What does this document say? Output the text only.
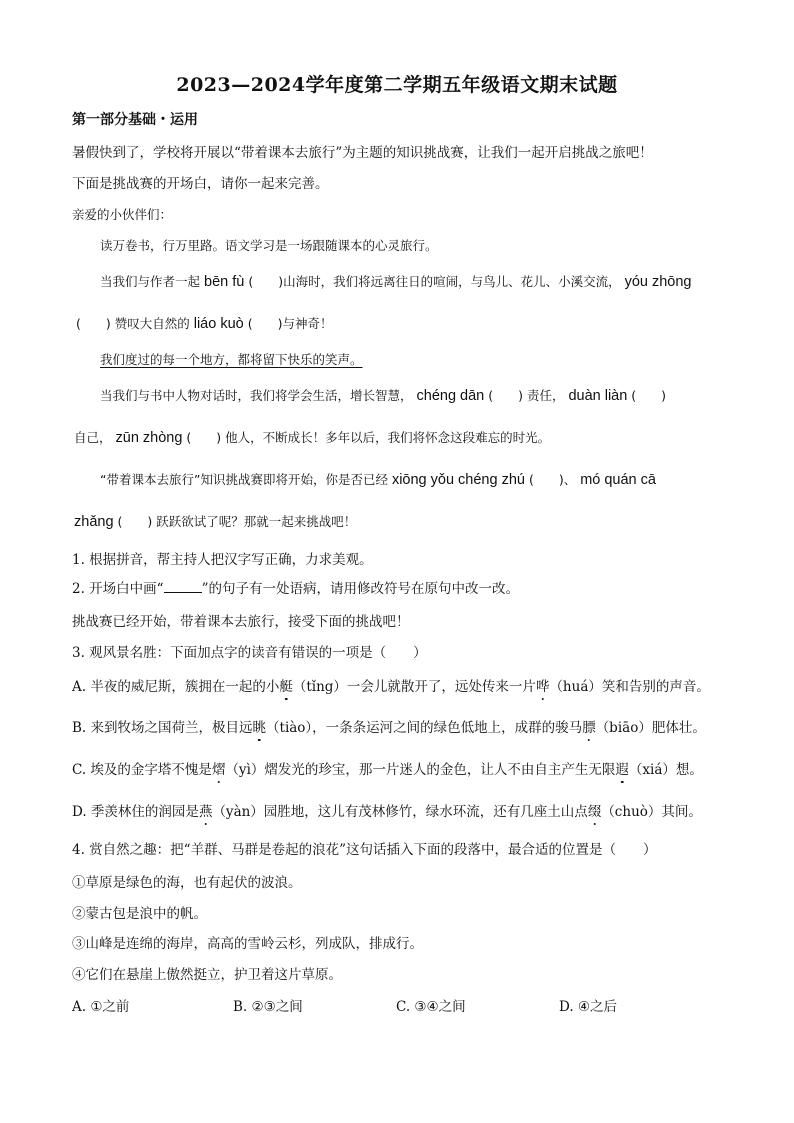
2023—2024学年度第二学期五年级语文期末试题
第一部分基础・运用
暑假快到了，学校将开展以“带着课本去旅行”为主题的知识挑战赛，让我们一起开启挑战之旅吧！
下面是挑战赛的开场白，请你一起来完善。
亲爱的小伙伴们：
读万卷书，行万里路。语文学习是一场跟随课本的心灵旅行。
当我们与作者一起 bēn fù (　　)山海时，我们将远离往日的喧闹，与鸟儿、花儿、小溪交流， yóu zhōng
(　　) 赞叹大自然的 liáo kuò (　　)与神奇！
我们度过的每一个地方，都将留下快乐的笑声。
当我们与书中人物对话时，我们将学会生活，增长智慧， chéng dān (　　) 责任， duàn liàn (　　)
自己， zūn zhòng (　　) 他人，不断成长！多年以后，我们将怀念这段难忘的时光。
“带着课本去旅行”知识挑战赛即将开始，你是否已经 xiōng yǒu chéng zhú (　　)、 mó quán cā
zhǎng (　　) 跃跃欲试了呢？那就一起来挑战吧！
1. 根据拼音，帮主持人把汉字写正确，力求美观。
2. 开场白中画“	”的句子有一处语病，请用修改符号在原句中改一改。
挑战赛已经开始，带着课本去旅行，接受下面的挑战吧！
3. 观风景名胜：下面加点字的读音有错误的一项是（　　）
A. 半夜的威尼斯，簇拥在一起的小艇（tǐng）一会儿就散开了，远处传来一片哗（huá）笑和告别的声音。
B. 来到牧场之国荷兰，极目远眺（tiào），一条条运河之间的绿色低地上，成群的骏马膘（biāo）肥体壮。
C. 埃及的金字塔不愧是熠（yì）熠发光的珍宝，那一片迷人的金色，让人不由自主产生无限遐（xiá）想。
D. 季羡林住的润园是燕（yàn）园胜地，这儿有茂林修竹，绿水环流，还有几座土山点缀（chuò）其间。
4. 赏自然之趣：把“羊群、马群是卷起的浪花”这句话插入下面的段落中，最合适的位置是（　　）
①草原是绿色的海，也有起伏的波浪。
②蒙古包是浪中的帆。
③山峰是连绵的海岸，高高的雪岭云杉，列成队，排成行。
④它们在悬崖上傲然挺立，护卫着这片草原。
A. ①之前	B. ②③之间	C. ③④之间	D. ④之后
